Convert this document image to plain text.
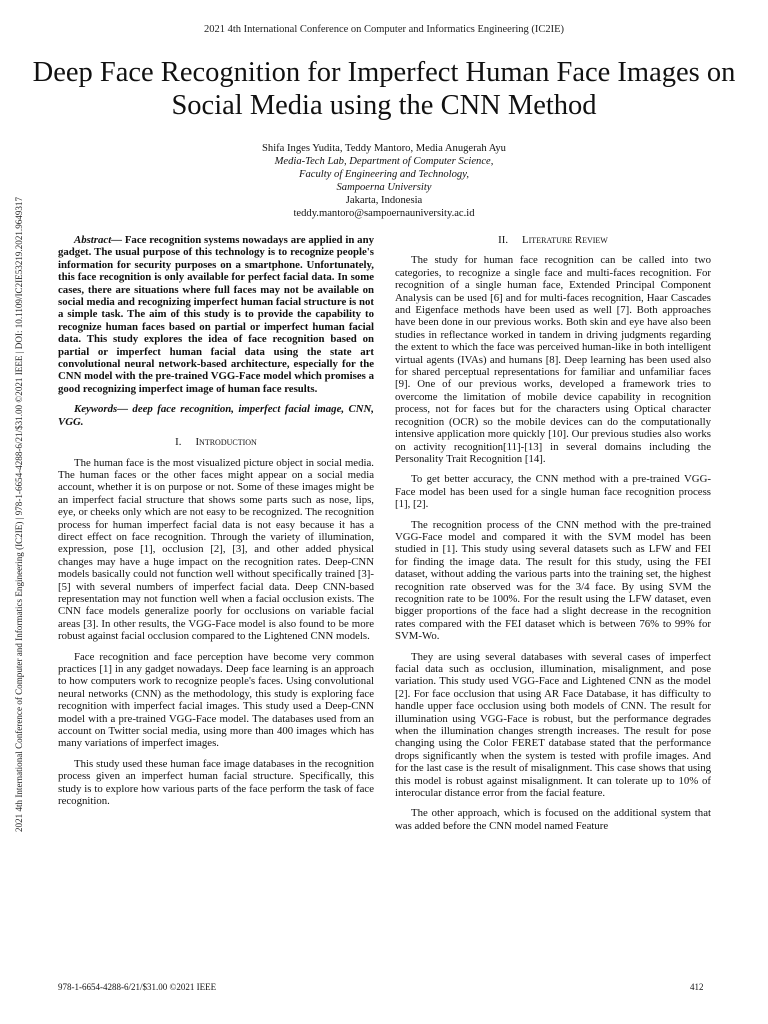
2021 4th International Conference on Computer and Informatics Engineering (IC2IE)
Deep Face Recognition for Imperfect Human Face Images on Social Media using the CNN Method
Shifa Inges Yudita, Teddy Mantoro, Media Anugerah Ayu
Media-Tech Lab, Department of Computer Science,
Faculty of Engineering and Technology,
Sampoerna University
Jakarta, Indonesia
teddy.mantoro@sampoernauniversity.ac.id
2021 4th International Conference of Computer and Informatics Engineering (IC2IE) | 978-1-6654-4288-6/21/$31.00 ©2021 IEEE | DOI: 10.1109/IC2IE53219.2021.9649317	Abstract— Face recognition systems nowadays are applied in any gadget. The usual purpose of this technology is to recognize people's information for security purposes on a smartphone. Unfortunately, this face recognition is only available for perfect facial data. In some cases, there are situations where full faces may not be available on social media and recognizing imperfect human facial structure is not a simple task. The aim of this study is to provide the capability to recognize human faces based on partial or imperfect human facial data. This study explores the idea of face recognition based on partial or imperfect human facial data using the state art convolutional neural network-based architecture, especially for the CNN model with the pre-trained VGG-Face model which promises a good recognizing imperfect image of human face results.

Keywords— deep face recognition, imperfect facial image, CNN, VGG.

I. Introduction

The human face is the most visualized picture object in social media. The human faces or the other faces might appear on a social media account, whether it is on purpose or not. Some of these images might be an imperfect facial structure that shows some parts such as nose, lips, eye, or cheeks only which are not easy to be recognized. The recognition process for human imperfect facial data is not easy because it has a direct effect on face recognition. Through the variety of illumination, expression, pose [1], occlusion [2], [3], and other added physical changes may have a huge impact on the recognition rates. Deep-CNN models basically could not function well without specifically trained [3]-[5] with several numbers of imperfect facial data. Deep CNN-based representation may not function well when a facial occlusion exists. The CNN face models generalize poorly for occlusions on variable facial areas [3]. In other results, the VGG-Face model is also found to be more robust against facial occlusion compared to the Lightened CNN models.

Face recognition and face perception have become very common practices [1] in any gadget nowadays. Deep face learning is an approach to how computers work to recognize people's faces. Using convolutional neural networks (CNN) as the methodology, this study is exploring face recognition with imperfect facial images. This study used a Deep-CNN model with a pre-trained VGG-Face model. The databases used from an account on Twitter social media, using more than 400 images which has many variations of imperfect images.

This study used these human face image databases in the recognition process given an imperfect human facial structure. Specifically, this study is to explore how various parts of the face perform the task of face recognition.

II. Literature Review

The study for human face recognition can be called into two categories, to recognize a single face and multi-faces recognition. For recognition of a single human face, Extended Principal Component Analysis can be used [6] and for multi-faces recognition, Haar Cascades and Eigenface methods have been used as well [7]. Both approaches have been done in our previous works. Both skin and eye have also been studies in reflectance worked in tandem in driving judgments regarding the extent to which the face was perceived human-like in both intelligent virtual agents (IVAs) and humans [8]. Deep learning has been used also for shared perceptual representations for familiar and unfamiliar faces [9]. One of our previous works, developed a framework tries to overcome the limitation of mobile device capability in recognition process, not for faces but for the characters using Optical character recognition (OCR) so the mobile devices can do the computationally intensive application more quickly [10]. Our previous studies also works on activity recognition[11]-[13] in several domains including the Personality Trait Recognition [14].

To get better accuracy, the CNN method with a pre-trained VGG-Face model has been used for a single human face recognition process [1], [2].

The recognition process of the CNN method with the pre-trained VGG-Face model and compared it with the SVM model has been studied in [1]. This study using several datasets such as LFW and FEI for finding the image data. The result for this study, using the FEI dataset, without adding the various parts into the training set, the highest recognition rate observed was for the 3/4 face. By using SVM the recognition rate to be 100%. For the result using the LFW dataset, even bigger proportions of the face had a slight decrease in the recognition rates compared with the FEI dataset which is between 76% to 99% for SVM-Wo.

They are using several databases with several cases of imperfect facial data such as occlusion, illumination, misalignment, and pose variation. This study used VGG-Face and Lightened CNN as the model [2]. For face occlusion that using AR Face Database, it has difficulty to handle upper face occlusion using both models of CNN. The result for illumination using VGG-Face is robust, but the performance degrades when the illumination changes strength increases. The result for pose changing using the Color FERET database stated that the performance drops significantly when the system is tested with profile images. And for the last case is the result of misalignment. This case shows that using this model is robust against misalignment. It can tolerate up to 10% of interocular distance error from the facial feature.

The other approach, which is focused on the additional system that was added before the CNN model named Feature

978-1-6654-4288-6/21/$31.00 ©2021 IEEE	412
